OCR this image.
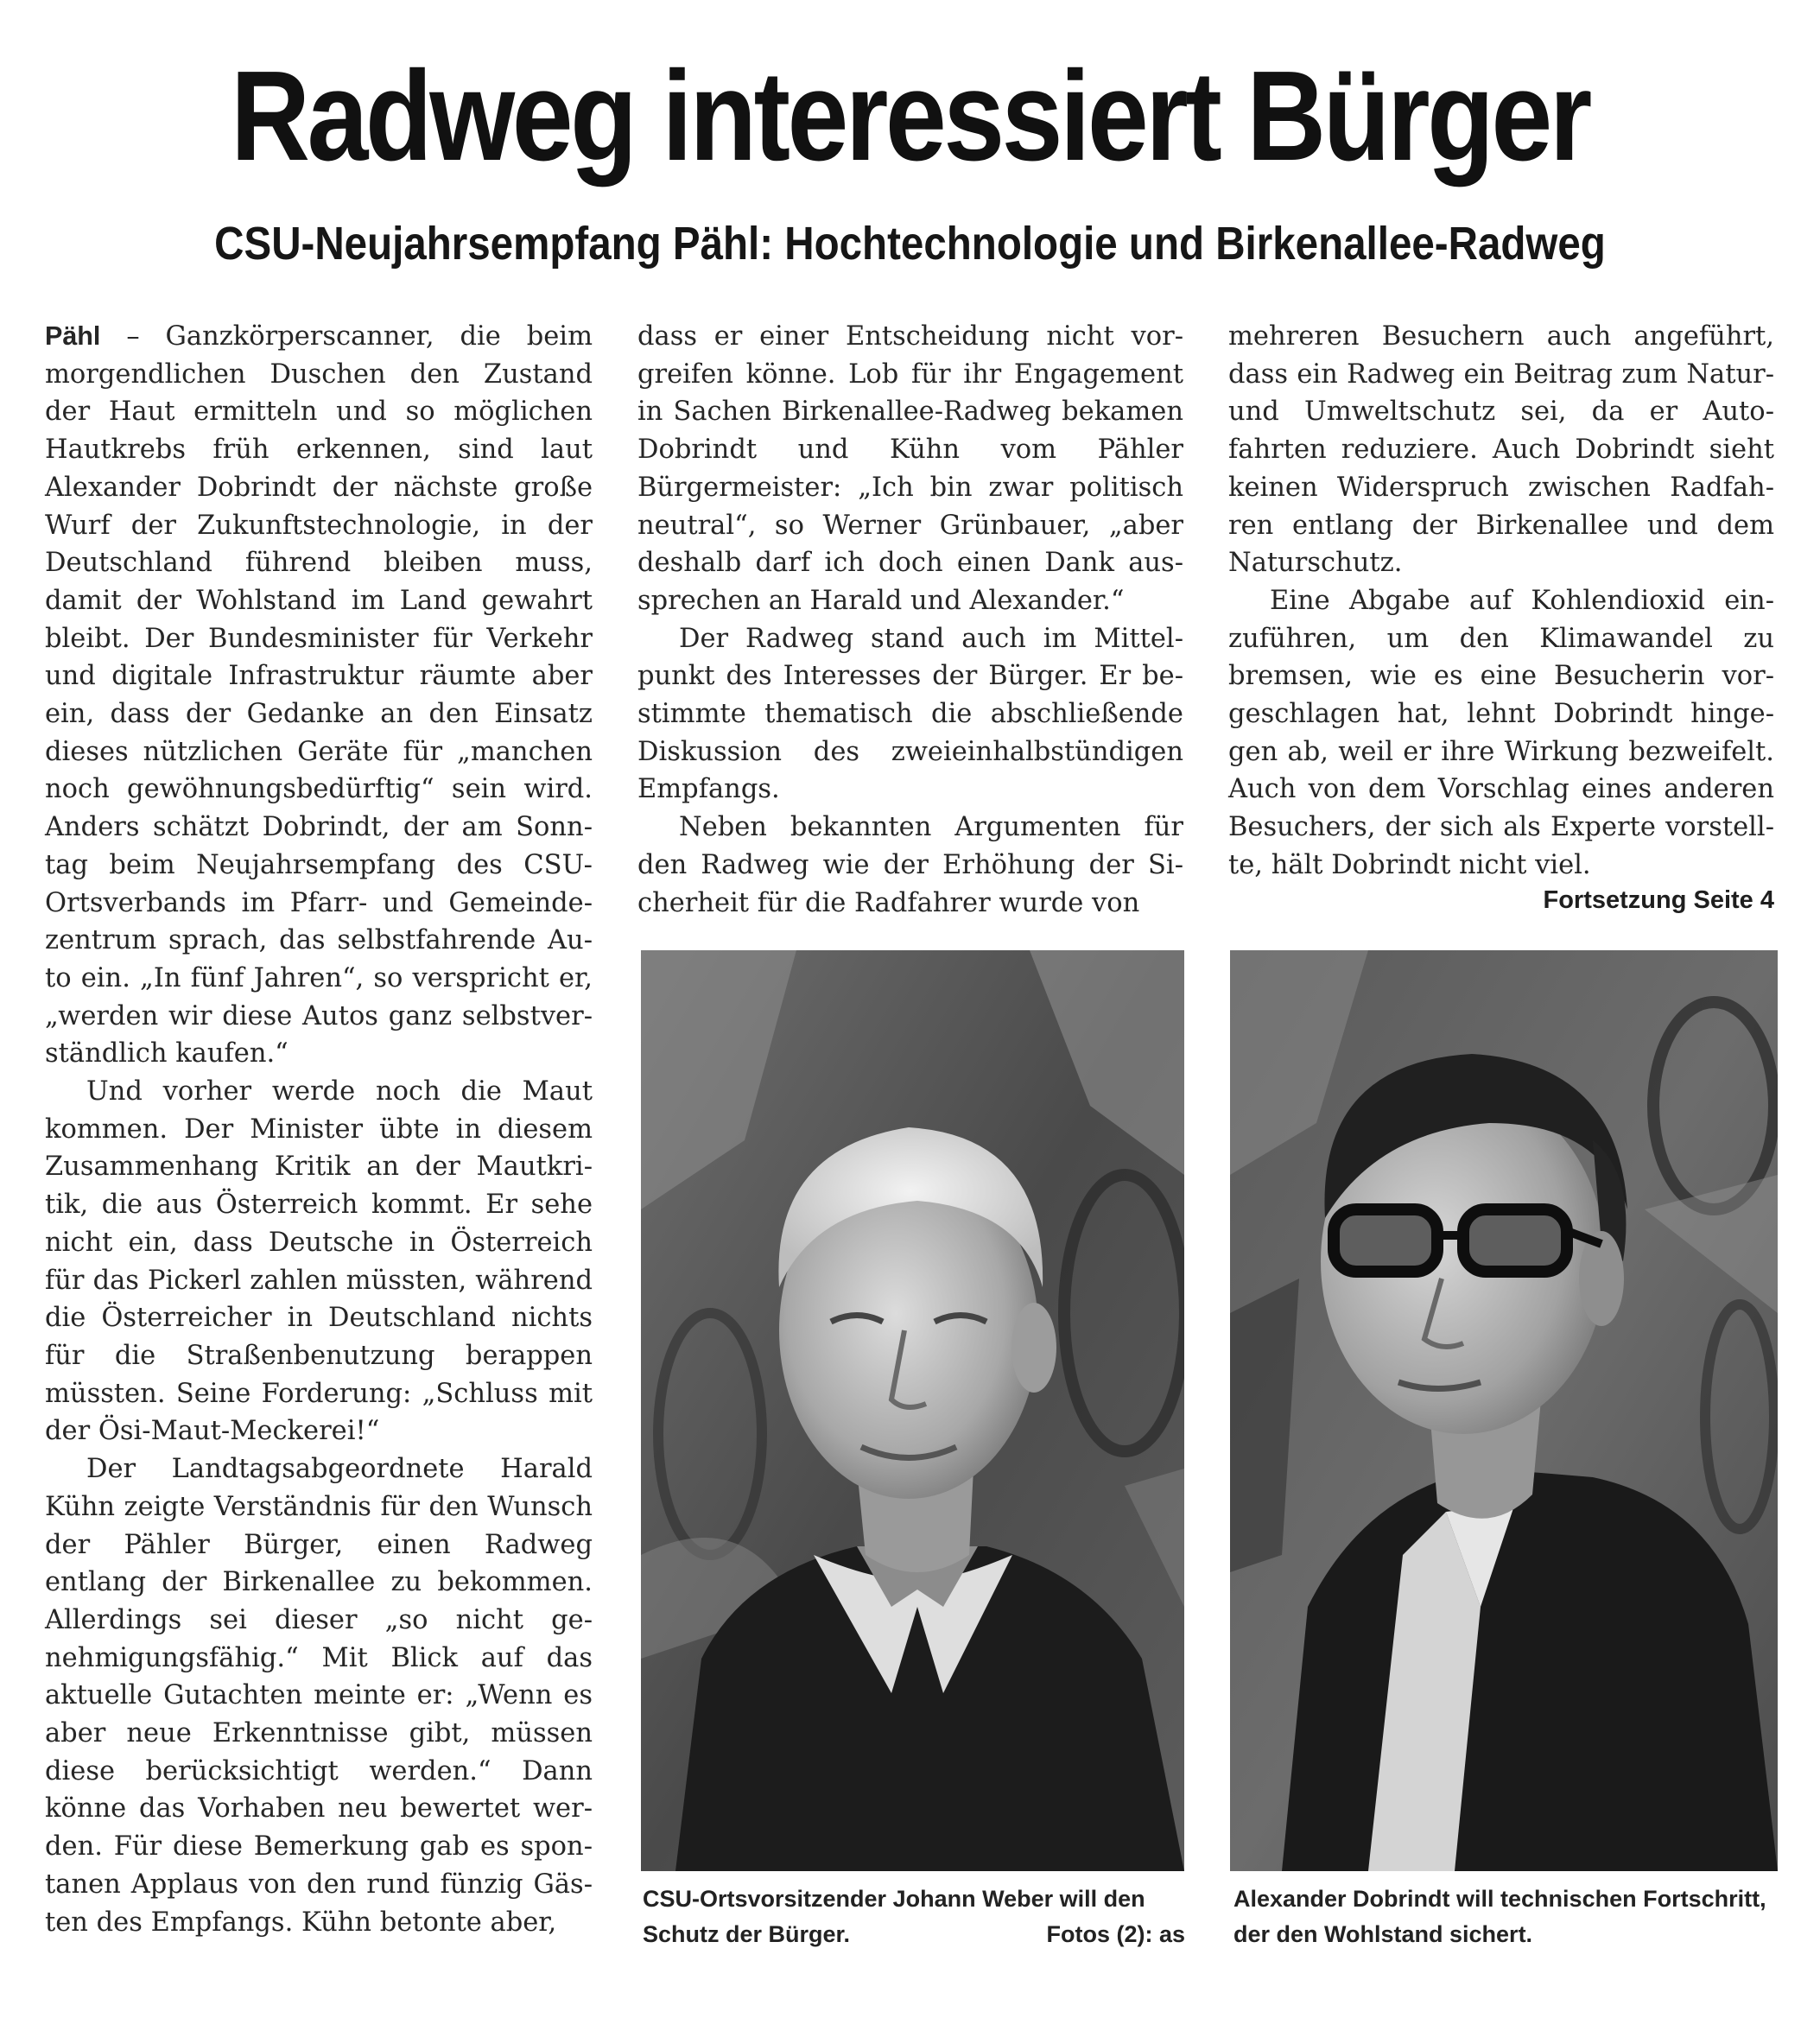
Radweg interessiert Bürger
CSU-Neujahrsempfang Pähl: Hochtechnologie und Birkenallee-Radweg

Pähl – Ganzkörperscanner, die beim morgendlichen Duschen den Zustand der Haut ermitteln und so möglichen Hautkrebs früh erkennen, sind laut Alexander Dobrindt der nächste große Wurf der Zukunftstechnologie, in der Deutschland führend bleiben muss, damit der Wohlstand im Land gewahrt bleibt. Der Bundesminister für Verkehr und digitale Infrastruktur räumte aber ein, dass der Gedanke an den Einsatz dieses nützlichen Geräte für „manchen noch gewöhnungsbedürftig“ sein wird. Anders schätzt Dobrindt, der am Sonntag beim Neujahrsempfang des CSU-Ortsverbands im Pfarr- und Gemeindezentrum sprach, das selbstfahrende Auto ein. „In fünf Jahren“, so verspricht er, „werden wir diese Autos ganz selbstverständlich kaufen.“

Und vorher werde noch die Maut kommen. Der Minister übte in diesem Zusammenhang Kritik an der Mautkritik, die aus Österreich kommt. Er sehe nicht ein, dass Deutsche in Österreich für das Pickerl zahlen müssten, während die Österreicher in Deutschland nichts für die Straßenbenutzung berappen müssten. Seine Forderung: „Schluss mit der Ösi-Maut-Meckerei!“

Der Landtagsabgeordnete Harald Kühn zeigte Verständnis für den Wunsch der Pähler Bürger, einen Radweg entlang der Birkenallee zu bekommen. Allerdings sei dieser „so nicht genehmigungsfähig.“ Mit Blick auf das aktuelle Gutachten meinte er: „Wenn es aber neue Erkenntnisse gibt, müssen diese berücksichtigt werden.“ Dann könne das Vorhaben neu bewertet werden. Für diese Bemerkung gab es spontanen Applaus von den rund fünzig Gästen des Empfangs. Kühn betonte aber,

dass er einer Entscheidung nicht vorgreifen könne. Lob für ihr Engagement in Sachen Birkenallee-Radweg bekamen Dobrindt und Kühn vom Pähler Bürgermeister: „Ich bin zwar politisch neutral“, so Werner Grünbauer, „aber deshalb darf ich doch einen Dank aussprechen an Harald und Alexander.“

Der Radweg stand auch im Mittelpunkt des Interesses der Bürger. Er bestimmte thematisch die abschließende Diskussion des zweieinhalbstündigen Empfangs.

Neben bekannten Argumenten für den Radweg wie der Erhöhung der Sicherheit für die Radfahrer wurde von

mehreren Besuchern auch angeführt, dass ein Radweg ein Beitrag zum Natur- und Umweltschutz sei, da er Autofahrten reduziere. Auch Dobrindt sieht keinen Widerspruch zwischen Radfahren entlang der Birkenallee und dem Naturschutz.

Eine Abgabe auf Kohlendioxid einzuführen, um den Klimawandel zu bremsen, wie es eine Besucherin vorgeschlagen hat, lehnt Dobrindt hingegen ab, weil er ihre Wirkung bezweifelt. Auch von dem Vorschlag eines anderen Besuchers, der sich als Experte vorstellte, hält Dobrindt nicht viel.

Fortsetzung Seite 4
CSU-Ortsvorsitzender Johann Weber will den
Schutz der Bürger.	Fotos (2): as
Alexander Dobrindt will technischen Fortschritt, der den Wohlstand sichert.
